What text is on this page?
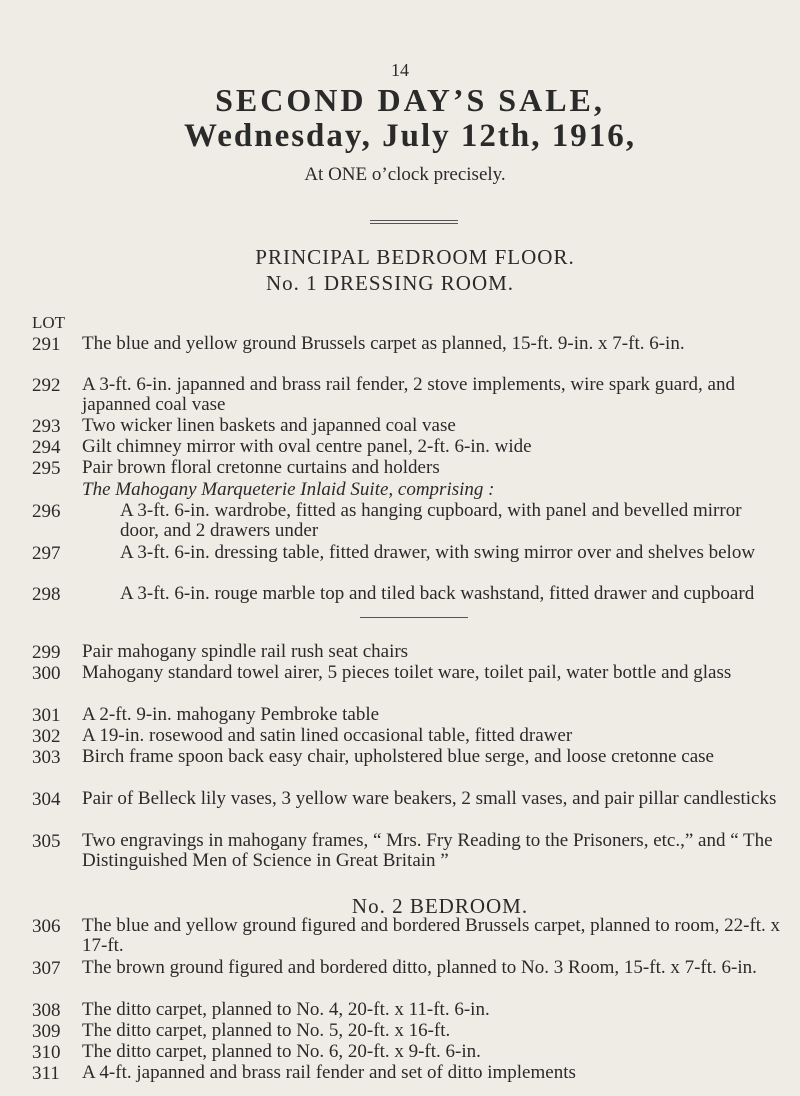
14
SECOND DAY’S SALE,
Wednesday, July 12th, 1916,
At ONE o’clock precisely.
PRINCIPAL BEDROOM FLOOR.
No. 1 DRESSING ROOM.
LOT
291 The blue and yellow ground Brussels carpet as planned, 15-ft. 9-in. x 7-ft. 6-in.
292 A 3-ft. 6-in. japanned and brass rail fender, 2 stove implements, wire spark guard, and japanned coal vase
293 Two wicker linen baskets and japanned coal vase
294 Gilt chimney mirror with oval centre panel, 2-ft. 6-in. wide
295 Pair brown floral cretonne curtains and holders
The Mahogany Marqueterie Inlaid Suite, comprising :
296	A 3-ft. 6-in. wardrobe, fitted as hanging cupboard, with panel and bevelled mirror door, and 2 drawers under
297	A 3-ft. 6-in. dressing table, fitted drawer, with swing mirror over and shelves below
298	A 3-ft. 6-in. rouge marble top and tiled back washstand, fitted drawer and cupboard
299 Pair mahogany spindle rail rush seat chairs
300 Mahogany standard towel airer, 5 pieces toilet ware, toilet pail, water bottle and glass
301 A 2-ft. 9-in. mahogany Pembroke table
302 A 19-in. rosewood and satin lined occasional table, fitted drawer
303 Birch frame spoon back easy chair, upholstered blue serge, and loose cretonne case
304 Pair of Belleck lily vases, 3 yellow ware beakers, 2 small vases, and pair pillar candlesticks
305 Two engravings in mahogany frames, “ Mrs. Fry Reading to the Prisoners, etc.,” and “ The Distinguished Men of Science in Great Britain ”
No. 2 BEDROOM.
306 The blue and yellow ground figured and bordered Brussels carpet, planned to room, 22-ft. x 17-ft.
307 The brown ground figured and bordered ditto, planned to No. 3 Room, 15-ft. x 7-ft. 6-in.
308 The ditto carpet, planned to No. 4, 20-ft. x 11-ft. 6-in.
309 The ditto carpet, planned to No. 5, 20-ft. x 16-ft.
310 The ditto carpet, planned to No. 6, 20-ft. x 9-ft. 6-in.
311 A 4-ft. japanned and brass rail fender and set of ditto implements
